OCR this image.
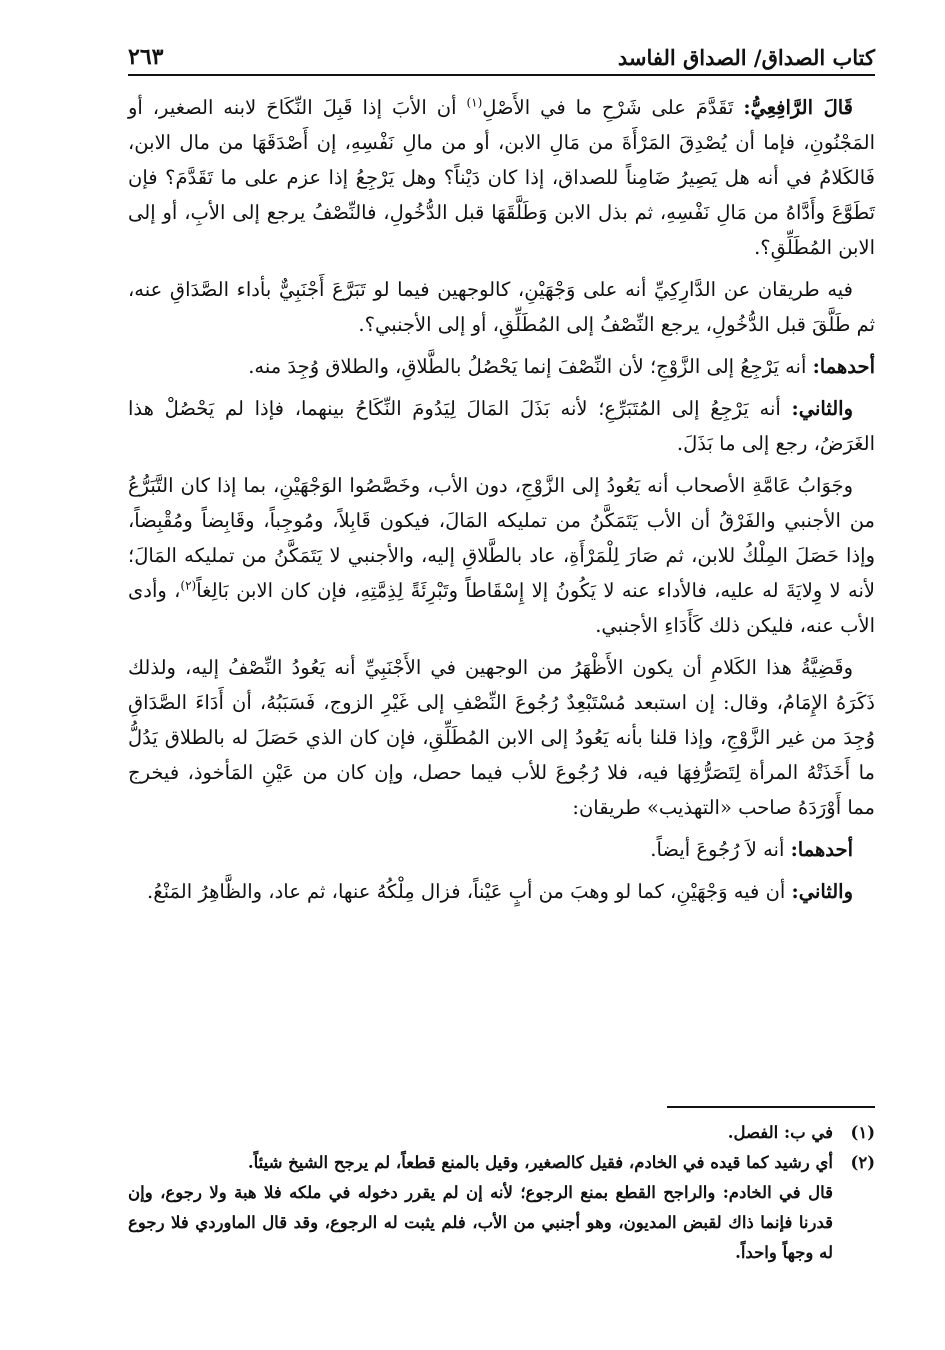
كتاب الصداق/ الصداق الفاسد
٢٦٣

قَالَ الرَّافِعِيُّ: تَقَدَّمَ على شَرْحِ ما في الأَصْلِ$^{(١)}$ أن الأبَ إذا قَبِلَ النِّكَاحَ لابنه الصغير، أو المَجْنُونِ، فإما أن يُصْدِقَ المَرْأَةَ من مَالِ الابن، أو من مالِ نَفْسِهِ، إن أَصْدَقَهَا من مال الابن، فَالكَلامُ في أنه هل يَصِيرُ ضَامِناً للصداق، إذا كان دَيْناً؟ وهل يَرْجِعُ إذا عزم على ما تَقَدَّمَ؟ فإن تَطَوَّعَ وأَدَّاهُ من مَالِ نَفْسِهِ، ثم بذل الابن وَطَلَّقَهَا قبل الدُّخُولِ، فالنِّصْفُ يرجع إلى الأبِ، أو إلى الابن المُطَلِّقِ؟.

فيه طريقان عن الدَّارِكِيِّ أنه على وَجْهَيْنِ، كالوجهين فيما لو تَبَرَّعَ أَجْنَبِيٌّ بأداء الصَّدَاقِ عنه، ثم طَلَّقَ قبل الدُّخُولِ، يرجع النِّصْفُ إلى المُطَلِّقِ، أو إلى الأجنبي؟.

أحدهما: أنه يَرْجِعُ إلى الزَّوْجِ؛ لأن النِّصْفَ إنما يَحْصُلُ بالطَّلاقِ، والطلاق وُجِدَ منه.

والثاني: أنه يَرْجِعُ إلى المُتَبَرِّعِ؛ لأنه بَذَلَ المَالَ لِيَدُومَ النِّكَاحُ بينهما، فإذا لم يَحْصُلْ هذا الغَرَضُ، رجع إلى ما بَذَلَ.

وجَوَابُ عَامَّةِ الأصحاب أنه يَعُودُ إلى الزَّوْجِ، دون الأب، وخَصَّصُوا الوَجْهَيْنِ، بما إذا كان التَّبَرُّعُ من الأجنبي والفَرْقُ أن الأب يَتَمَكَّنُ من تمليكه المَالَ، فيكون قَابِلاً، ومُوجِباً، وقَابِضاً ومُقْبِضاً، وإذا حَصَلَ المِلْكُ للابن، ثم صَارَ لِلْمَرْأَةِ، عاد بالطَّلاقِ إليه، والأجنبي لا يَتَمَكَّنُ من تمليكه المَالَ؛ لأنه لا وِلايَةَ له عليه، فالأداء عنه لا يَكُونُ إلا إِسْقَاطاً وتَبْرِئَةً لِذِمَّتِهِ، فإن كان الابن بَالِغاً$^{(٢)}$، وأدى الأب عنه، فليكن ذلك كَأَدَاءِ الأجنبي.

وقَضِيَّةُ هذا الكَلامِ أن يكون الأَظْهَرُ من الوجهين في الأَجْنَبِيِّ أنه يَعُودُ النِّصْفُ إليه، ولذلك ذَكَرَهُ الإِمَامُ، وقال: إن استبعد مُسْتَبْعِدٌ رُجُوعَ النِّصْفِ إلى غَيْرِ الزوج، فَسَبَبُهُ، أن أَدَاءَ الصَّدَاقِ وُجِدَ من غير الزَّوْجِ، وإذا قلنا بأنه يَعُودُ إلى الابن المُطَلِّقِ، فإن كان الذي حَصَلَ له بالطلاق يَدُلُّ ما أَخَذَتْهُ المرأة لِتَصَرُّفِهَا فيه، فلا رُجُوعَ للأب فيما حصل، وإن كان من عَيْنِ المَأخوذ، فيخرج مما أَوْرَدَهُ صاحب «التهذيب» طريقان:

أحدهما: أنه لاَ رُجُوعَ أيضاً.

والثاني: أن فيه وَجْهَيْنِ، كما لو وهبَ من أبٍ عَيْناً، فزال مِلْكُهُ عنها، ثم عاد، والظَّاهِرُ المَنْعُ.

(١)
في ب: الفصل.
(٢)
أي رشيد كما قيده في الخادم، فقيل كالصغير، وقيل بالمنع قطعاً، لم يرجح الشيخ شيئاً.
قال في الخادم: والراجح القطع بمنع الرجوع؛ لأنه إن لم يقرر دخوله في ملكه فلا هبة ولا رجوع، وإن قدرنا فإنما ذاك لقبض المديون، وهو أجنبي من الأب، فلم يثبت له الرجوع، وقد قال الماوردي فلا رجوع له وجهاً واحداً.
